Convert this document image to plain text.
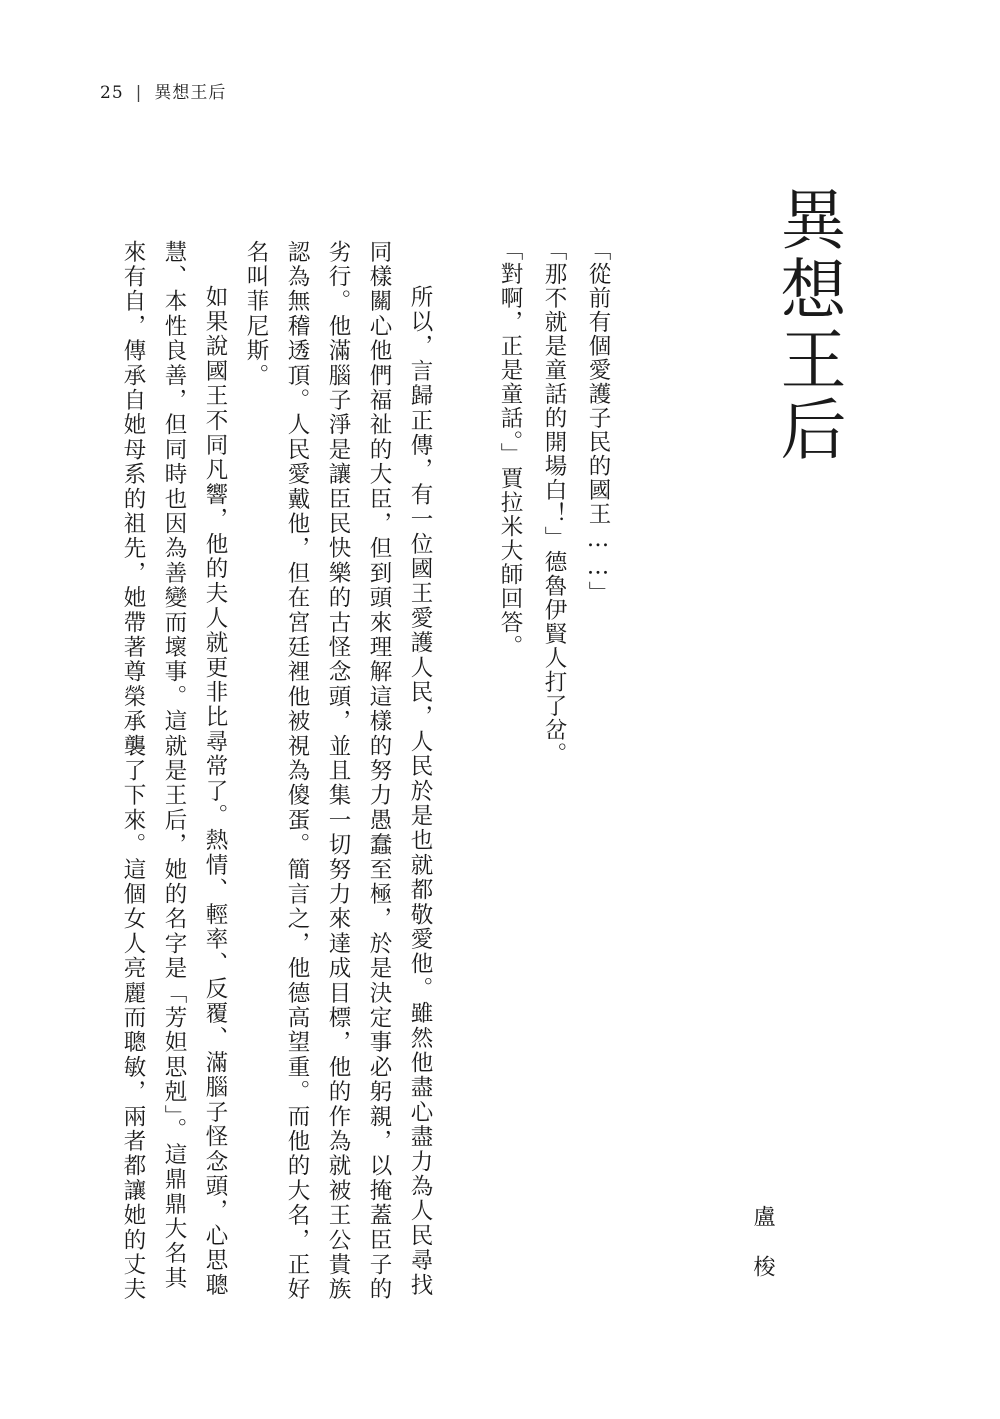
25 | 異想王后
異想王后
盧梭
「從前有個愛護子民的國王……」
「那不就是童話的開場白！」德魯伊賢人打了岔。
「對啊，正是童話。」賈拉米大師回答。

所以，言歸正傳，有一位國王愛護人民，人民於是也就都敬愛他。雖然他盡心盡力為人民尋找同樣關心他們福祉的大臣，但到頭來理解這樣的努力愚蠢至極，於是決定事必躬親，以掩蓋臣子的劣行。他滿腦子淨是讓臣民快樂的古怪念頭，並且集一切努力來達成目標，他的作為就被王公貴族認為無稽透頂。人民愛戴他，但在宮廷裡他被視為傻蛋。簡言之，他德高望重。而他的大名，正好名叫菲尼斯。

如果說國王不同凡響，他的夫人就更非比尋常了。熱情、輕率、反覆、滿腦子怪念頭，心思聰慧、本性良善，但同時也因為善變而壞事。這就是王后，她的名字是「芳妲思剋」。這鼎鼎大名其來有自，傳承自她母系的祖先，她帶著尊榮承襲了下來。這個女人亮麗而聰敏，兩者都讓她的丈夫
